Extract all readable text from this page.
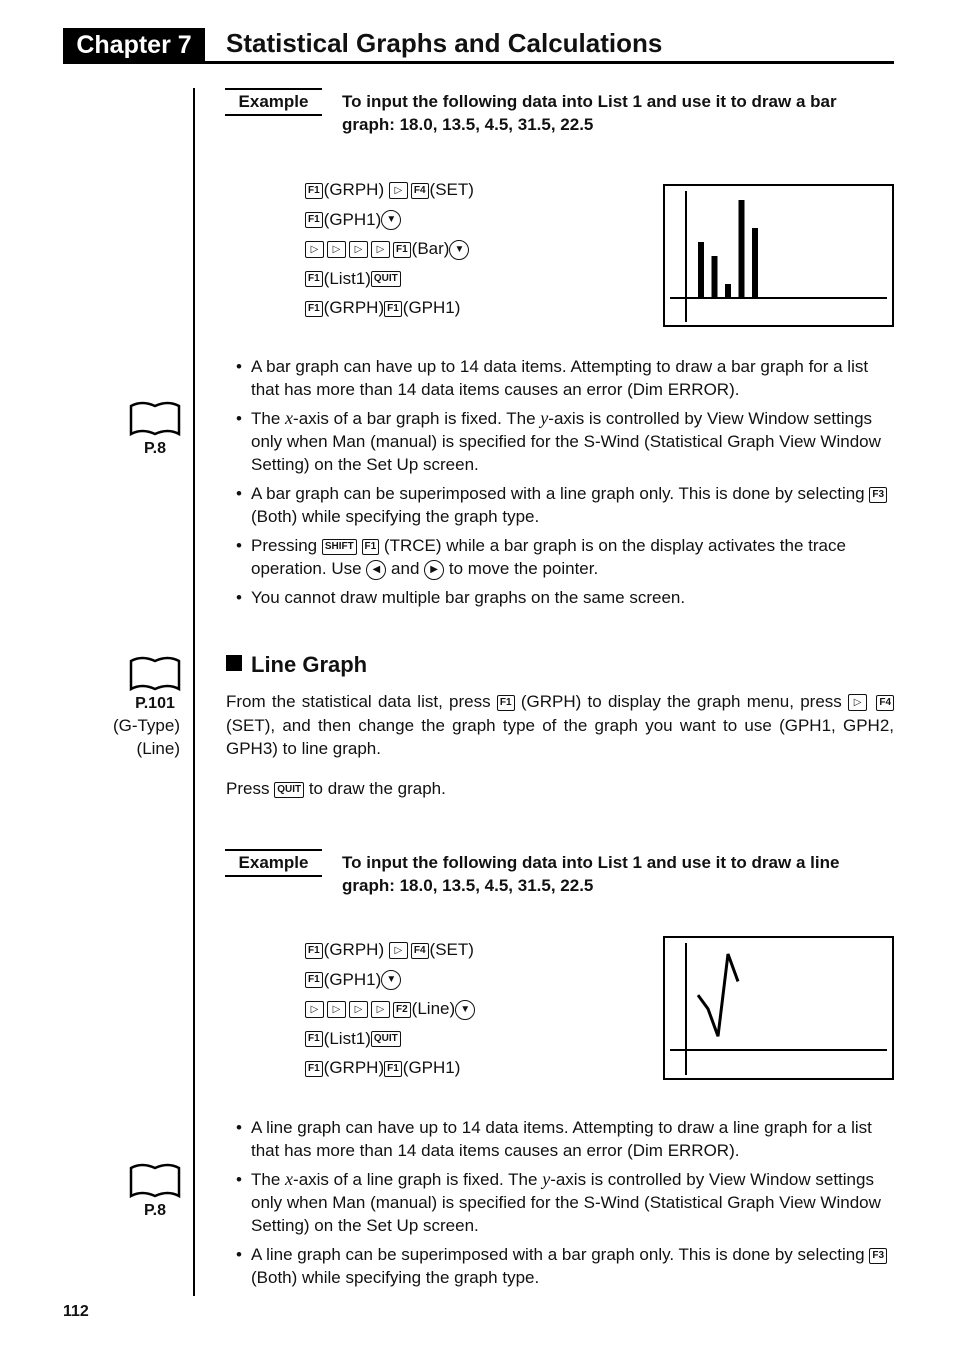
Chapter 7	Statistical Graphs and Calculations
Example	To input the following data into List 1 and use it to draw a bar graph: 18.0, 13.5, 4.5, 31.5, 22.5
F1 (GRPH) ▷ F4 (SET)
F1 (GPH1) ▼
▷ ▷ ▷ ▷ F1 (Bar) ▼
F1 (List1) QUIT
F1 (GRPH) F1 (GPH1)
• A bar graph can have up to 14 data items. Attempting to draw a bar graph for a list that has more than 14 data items causes an error (Dim ERROR).
• The x-axis of a bar graph is fixed. The y-axis is controlled by View Window settings only when Man (manual) is specified for the S-Wind (Statistical Graph View Window Setting) on the Set Up screen.
• A bar graph can be superimposed with a line graph only. This is done by selecting F3 (Both) while specifying the graph type.
• Pressing SHIFT F1 (TRCE) while a bar graph is on the display activates the trace operation. Use ◀ and ▶ to move the pointer.
• You cannot draw multiple bar graphs on the same screen.
P.8
Line Graph
P.101
(G-Type)
(Line)
From the statistical data list, press F1 (GRPH) to display the graph menu, press ▷ F4 (SET), and then change the graph type of the graph you want to use (GPH1, GPH2, GPH3) to line graph.
Press QUIT to draw the graph.
Example	To input the following data into List 1 and use it to draw a line graph: 18.0, 13.5, 4.5, 31.5, 22.5
F1 (GRPH) ▷ F4 (SET)
F1 (GPH1) ▼
▷ ▷ ▷ ▷ F2 (Line) ▼
F1 (List1) QUIT
F1 (GRPH) F1 (GPH1)
• A line graph can have up to 14 data items. Attempting to draw a line graph for a list that has more than 14 data items causes an error (Dim ERROR).
• The x-axis of a line graph is fixed. The y-axis is controlled by View Window settings only when Man (manual) is specified for the S-Wind (Statistical Graph View Window Setting) on the Set Up screen.
• A line graph can be superimposed with a bar graph only. This is done by selecting F3 (Both) while specifying the graph type.
P.8
112
